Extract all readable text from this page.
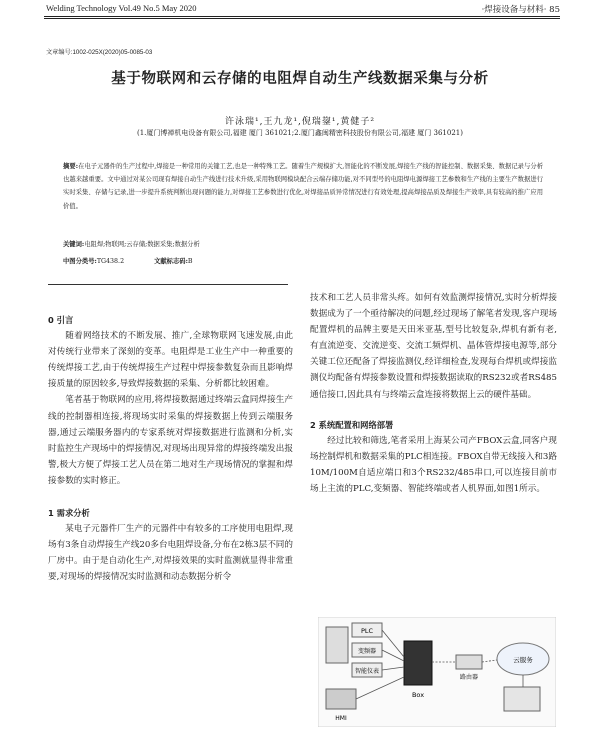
Welding Technology Vol.49 No.5 May 2020	·焊接设备与材料· 85
文章编号:1002-025X(2020)05-0085-03
基于物联网和云存储的电阻焊自动生产线数据采集与分析
许泳瑞¹,王九龙¹,倪瑞鋆¹,黄健子²
(1.厦门博禅机电设备有限公司,福建 厦门 361021;2.厦门鑫闽精密科技股份有限公司,福建 厦门 361021)
摘要:在电子元器件的生产过程中,焊接是一种常用的关键工艺,也是一种特殊工艺。随着生产规模扩大,智能化的不断发展,焊接生产线的智能控制、数据采集、数据记录与分析也越来越重要。文中通过对某公司现有焊接自动生产线进行技术升级,采用物联网模块配合云端存储功能,对不同型号的电阻焊电源焊接工艺参数和生产线的主要生产数据进行实时采集、存储与记录,进一步提升系统判断出现问题的能力,对焊接工艺参数进行优化,对焊接品质异常情况进行有效处理,提高焊接品质及焊接生产效率,具有较高的推广应用价值。
关键词:电阻焊;物联网;云存储;数据采集;数据分析
中图分类号:TG438.2	文献标志码:B
0 引言

随着网络技术的不断发展、推广,全球物联网飞速发展,由此对传统行业带来了深刻的变革。电阻焊是工业生产中一种重要的传统焊接工艺,由于传统焊接生产过程中焊接参数复杂而且影响焊接质量的原因较多,导致焊接数据的采集、分析都比较困难。

笔者基于物联网的应用,将焊接数据通过终端云盒同焊接生产线的控制器相连接,将现场实时采集的焊接数据上传到云端服务器,通过云端服务器内的专家系统对焊接数据进行监测和分析,实时监控生产现场中的焊接情况,对现场出现异常的焊接终端发出报警,极大方便了焊接工艺人员在第二地对生产现场情况的掌握和焊接参数的实时修正。

1 需求分析

某电子元器件厂生产的元器件中有较多的工序使用电阻焊,现场有3条自动焊接生产线20多台电阻焊设备,分布在2栋3层不同的厂房中。由于是自动化生产,对焊接效果的实时监测就显得非常重要,对现场的焊接情况实时监测和动态数据分析令

技术和工艺人员非常头疼。如何有效监测焊接情况,实时分析焊接数据成为了一个亟待解决的问题,经过现场了解笔者发现,客户现场配置焊机的品牌主要是天田米亚基,型号比较复杂,焊机有新有老,有直流逆变、交流逆变、交流工频焊机、晶体管焊接电源等,部分关键工位还配备了焊接监测仪,经详细检查,发现每台焊机或焊接监测仪均配备有焊接参数设置和焊接数据读取的RS232或者RS485通信接口,因此具有与终端云盒连接将数据上云的硬件基础。

2 系统配置和网络部署

经过比较和筛选,笔者采用上海某公司产FBOX云盒,同客户现场控制焊机和数据采集的PLC相连接。FBOX自带无线接入和3路10M/100M自适应端口和3个RS232/485串口,可以连接目前市场上主流的PLC,变频器、智能终端或者人机界面,如图1所示。

PLC
变频器
智能仪表
HMI
Box
路由器
云服务
